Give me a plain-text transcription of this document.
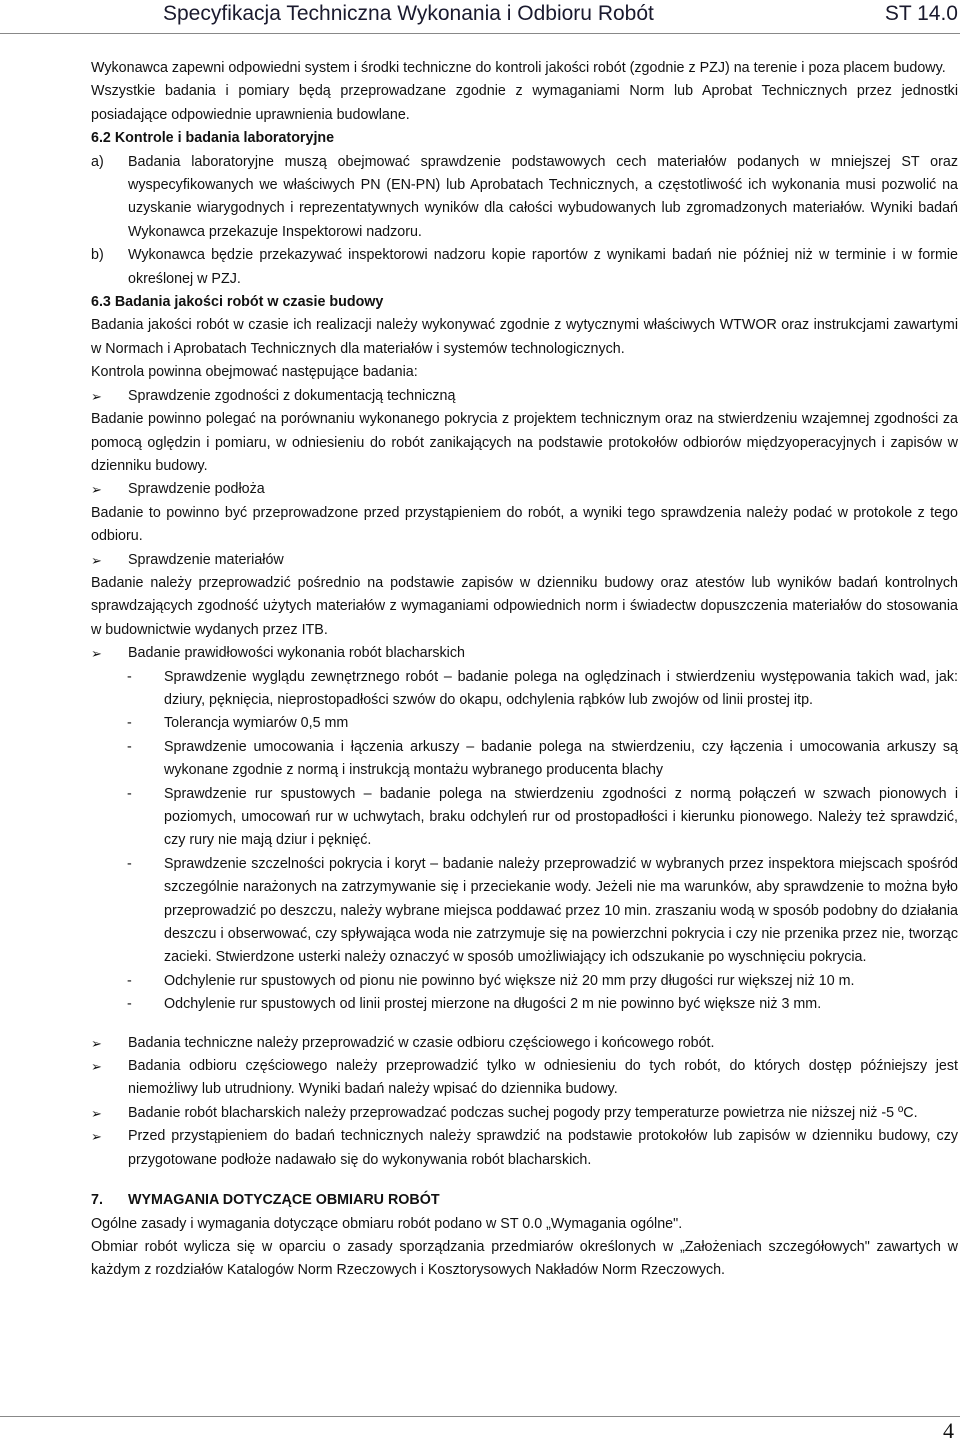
Specyfikacja Techniczna Wykonania i Odbioru Robót	ST 14.0

Wykonawca zapewni odpowiedni system i środki techniczne do kontroli jakości robót (zgodnie z PZJ) na terenie i poza placem budowy.

Wszystkie badania i pomiary będą przeprowadzane zgodnie z wymaganiami Norm lub Aprobat Technicznych przez jednostki posiadające odpowiednie uprawnienia budowlane.

6.2 Kontrole i badania laboratoryjne

a) Badania laboratoryjne muszą obejmować sprawdzenie podstawowych cech materiałów podanych w mniejszej ST oraz wyspecyfikowanych we właściwych PN (EN-PN) lub Aprobatach Technicznych, a częstotliwość ich wykonania musi pozwolić na uzyskanie wiarygodnych i reprezentatywnych wyników dla całości wybudowanych lub zgromadzonych materiałów. Wyniki badań Wykonawca przekazuje Inspektorowi nadzoru.
b) Wykonawca będzie przekazywać inspektorowi nadzoru kopie raportów z wynikami badań nie później niż w terminie i w formie określonej w PZJ.

6.3 Badania jakości robót w czasie budowy

Badania jakości robót w czasie ich realizacji należy wykonywać zgodnie z wytycznymi właściwych WTWOR oraz instrukcjami zawartymi w Normach i Aprobatach Technicznych dla materiałów i systemów technologicznych.

Kontrola powinna obejmować następujące badania:

➢ Sprawdzenie zgodności z dokumentacją techniczną

Badanie powinno polegać na porównaniu wykonanego pokrycia z projektem technicznym oraz na stwierdzeniu wzajemnej zgodności za pomocą oględzin i pomiaru, w odniesieniu do robót zanikających na podstawie protokołów odbiorów międzyoperacyjnych i zapisów w dzienniku budowy.

➢ Sprawdzenie podłoża

Badanie to powinno być przeprowadzone przed przystąpieniem do robót, a wyniki tego sprawdzenia należy podać w protokole z tego odbioru.

➢ Sprawdzenie materiałów

Badanie należy przeprowadzić pośrednio na podstawie zapisów w dzienniku budowy oraz atestów lub wyników badań kontrolnych sprawdzających zgodność użytych materiałów z wymaganiami odpowiednich norm i świadectw dopuszczenia materiałów do stosowania w budownictwie wydanych przez ITB.

➢ Badanie prawidłowości wykonania robót blacharskich
- Sprawdzenie wyglądu zewnętrznego robót – badanie polega na oględzinach i stwierdzeniu występowania takich wad, jak: dziury, pęknięcia, nieprostopadłości szwów do okapu, odchylenia rąbków lub zwojów od linii prostej itp.
- Tolerancja wymiarów 0,5 mm
- Sprawdzenie umocowania i łączenia arkuszy – badanie polega na stwierdzeniu, czy łączenia i umocowania arkuszy są wykonane zgodnie z normą i instrukcją montażu wybranego producenta blachy
- Sprawdzenie rur spustowych – badanie polega na stwierdzeniu zgodności z normą połączeń w szwach pionowych i poziomych, umocowań rur w uchwytach, braku odchyleń rur od prostopadłości i kierunku pionowego. Należy też sprawdzić, czy rury nie mają dziur i pęknięć.
- Sprawdzenie szczelności pokrycia i koryt – badanie należy przeprowadzić w wybranych przez inspektora miejscach spośród szczególnie narażonych na zatrzymywanie się i przeciekanie wody. Jeżeli nie ma warunków, aby sprawdzenie to można było przeprowadzić po deszczu, należy wybrane miejsca poddawać przez 10 min. zraszaniu wodą w sposób podobny do działania deszczu i obserwować, czy spływająca woda nie zatrzymuje się na powierzchni pokrycia i czy nie przenika przez nie, tworząc zacieki. Stwierdzone usterki należy oznaczyć w sposób umożliwiający ich odszukanie po wyschnięciu pokrycia.
- Odchylenie rur spustowych od pionu nie powinno być większe niż 20 mm przy długości rur większej niż 10 m.
- Odchylenie rur spustowych od linii prostej mierzone na długości 2 m nie powinno być większe niż 3 mm.
➢ Badania techniczne należy przeprowadzić w czasie odbioru częściowego i końcowego robót.
➢ Badania odbioru częściowego należy przeprowadzić tylko w odniesieniu do tych robót, do których dostęp późniejszy jest niemożliwy lub utrudniony. Wyniki badań należy wpisać do dziennika budowy.
➢ Badanie robót blacharskich należy przeprowadzać podczas suchej pogody przy temperaturze powietrza nie niższej niż -5 ºC.
➢ Przed przystąpieniem do badań technicznych należy sprawdzić na podstawie protokołów lub zapisów w dzienniku budowy, czy przygotowane podłoże nadawało się do wykonywania robót blacharskich.

7. WYMAGANIA DOTYCZĄCE OBMIARU ROBÓT

Ogólne zasady i wymagania dotyczące obmiaru robót podano w ST 0.0 „Wymagania ogólne".

Obmiar robót wylicza się w oparciu o zasady sporządzania przedmiarów określonych w „Założeniach szczegółowych" zawartych w każdym z rozdziałów Katalogów Norm Rzeczowych i Kosztorysowych Nakładów Norm Rzeczowych.

4
